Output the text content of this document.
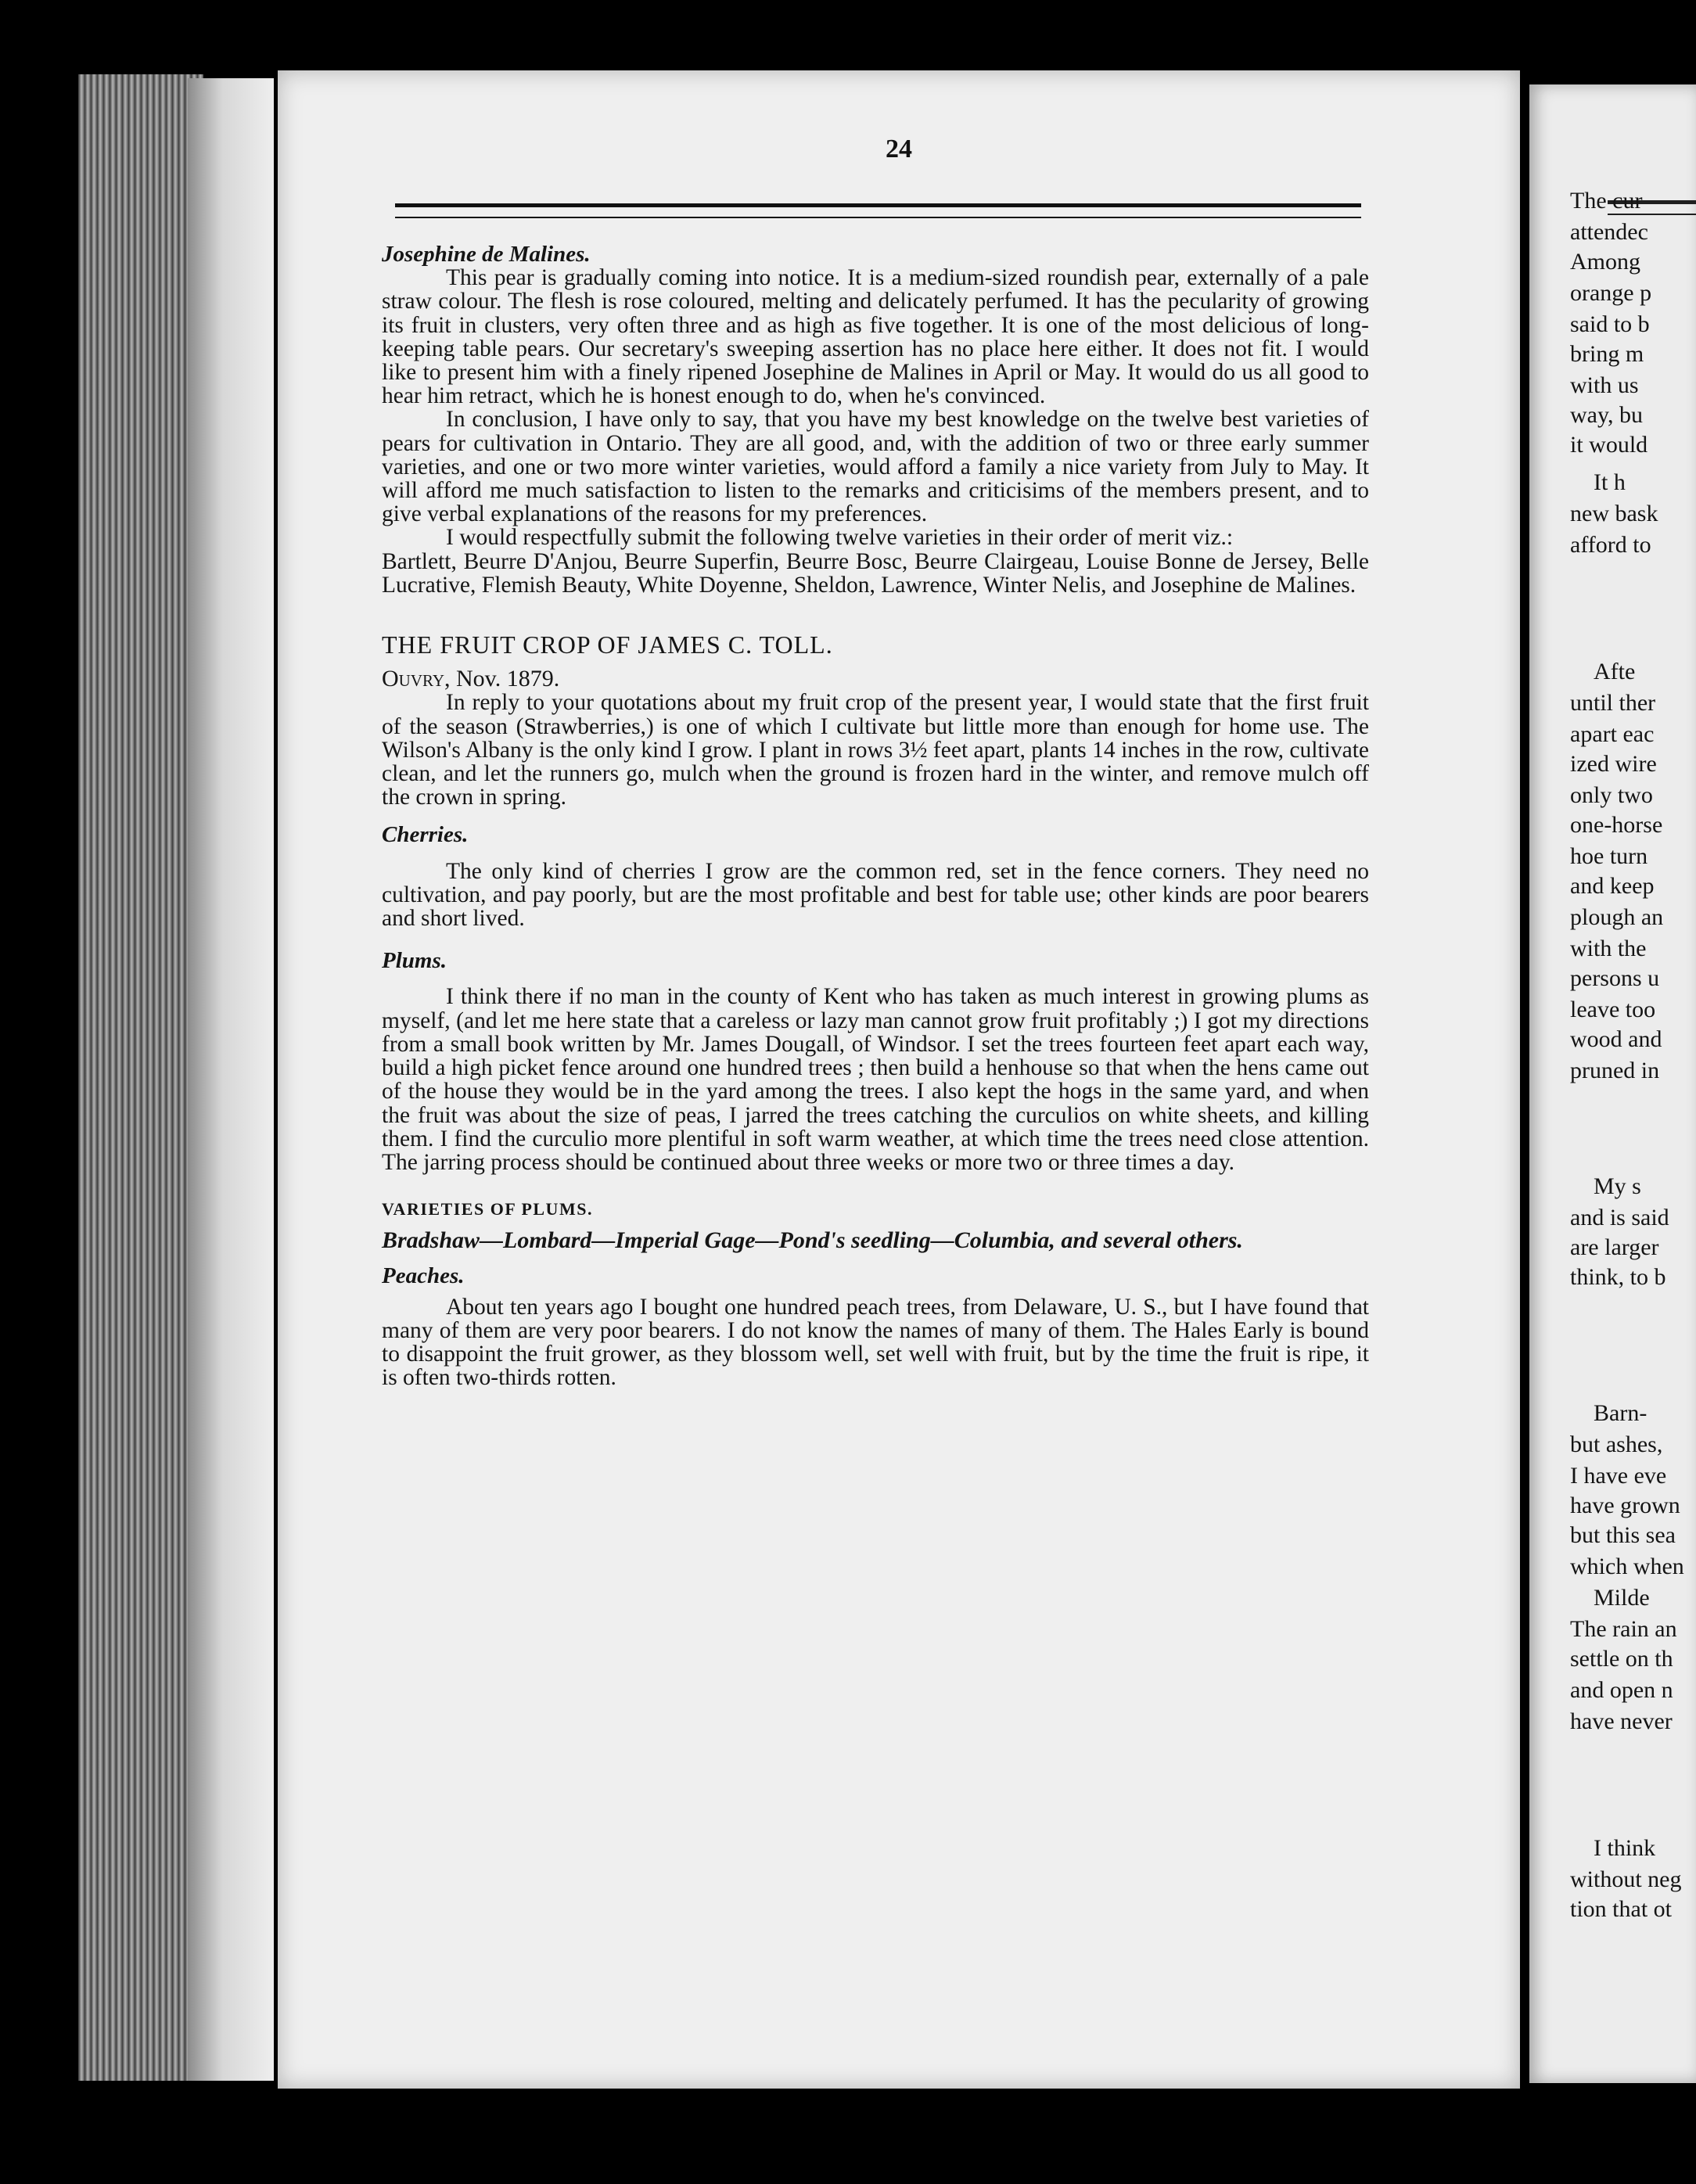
24

Josephine de Malines.

This pear is gradually coming into notice. It is a medium-sized roundish pear, externally of a pale straw colour. The flesh is rose coloured, melting and delicately perfumed. It has the pecularity of growing its fruit in clusters, very often three and as high as five together. It is one of the most delicious of long-keeping table pears. Our secretary's sweeping assertion has no place here either. It does not fit. I would like to present him with a finely ripened Josephine de Malines in April or May. It would do us all good to hear him retract, which he is honest enough to do, when he's convinced.

In conclusion, I have only to say, that you have my best knowledge on the twelve best varieties of pears for cultivation in Ontario. They are all good, and, with the addition of two or three early summer varieties, and one or two more winter varieties, would afford a family a nice variety from July to May. It will afford me much satisfaction to listen to the remarks and criticisims of the members present, and to give verbal explanations of the reasons for my preferences.

I would respectfully submit the following twelve varieties in their order of merit viz.:

Bartlett, Beurre D'Anjou, Beurre Superfin, Beurre Bosc, Beurre Clairgeau, Louise Bonne de Jersey, Belle Lucrative, Flemish Beauty, White Doyenne, Sheldon, Lawrence, Winter Nelis, and Josephine de Malines.

THE FRUIT CROP OF JAMES C. TOLL.

Ouvry, Nov. 1879.

In reply to your quotations about my fruit crop of the present year, I would state that the first fruit of the season (Strawberries,) is one of which I cultivate but little more than enough for home use. The Wilson's Albany is the only kind I grow. I plant in rows 3½ feet apart, plants 14 inches in the row, cultivate clean, and let the runners go, mulch when the ground is frozen hard in the winter, and remove mulch off the crown in spring.

Cherries.

The only kind of cherries I grow are the common red, set in the fence corners. They need no cultivation, and pay poorly, but are the most profitable and best for table use; other kinds are poor bearers and short lived.

Plums.

I think there if no man in the county of Kent who has taken as much interest in growing plums as myself, (and let me here state that a careless or lazy man cannot grow fruit profitably ;) I got my directions from a small book written by Mr. James Dougall, of Windsor. I set the trees fourteen feet apart each way, build a high picket fence around one hundred trees ; then build a henhouse so that when the hens came out of the house they would be in the yard among the trees. I also kept the hogs in the same yard, and when the fruit was about the size of peas, I jarred the trees catching the curculios on white sheets, and killing them. I find the curculio more plentiful in soft warm weather, at which time the trees need close attention. The jarring process should be continued about three weeks or more two or three times a day.

VARIETIES OF PLUMS.

Bradshaw—Lombard—Imperial Gage—Pond's seedling—Columbia, and several others.

Peaches.

About ten years ago I bought one hundred peach trees, from Delaware, U. S., but I have found that many of them are very poor bearers. I do not know the names of many of them. The Hales Early is bound to disappoint the fruit grower, as they blossom well, set well with fruit, but by the time the fruit is ripe, it is often two-thirds rotten.

The cur
attendec
Among
orange p
said to b
bring m
with us
way, bu
it would
It h
new bask
afford to
Afte
until ther
apart eac
ized wire
only two
one-horse
hoe turn
and keep
plough an
with the
persons u
leave too
wood and
pruned in
My s
and is said
are larger
think, to b
Barn-
but ashes,
I have eve
have grown
but this sea
which when
Milde
The rain an
settle on th
and open n
have never
I think
without neg
tion that ot
